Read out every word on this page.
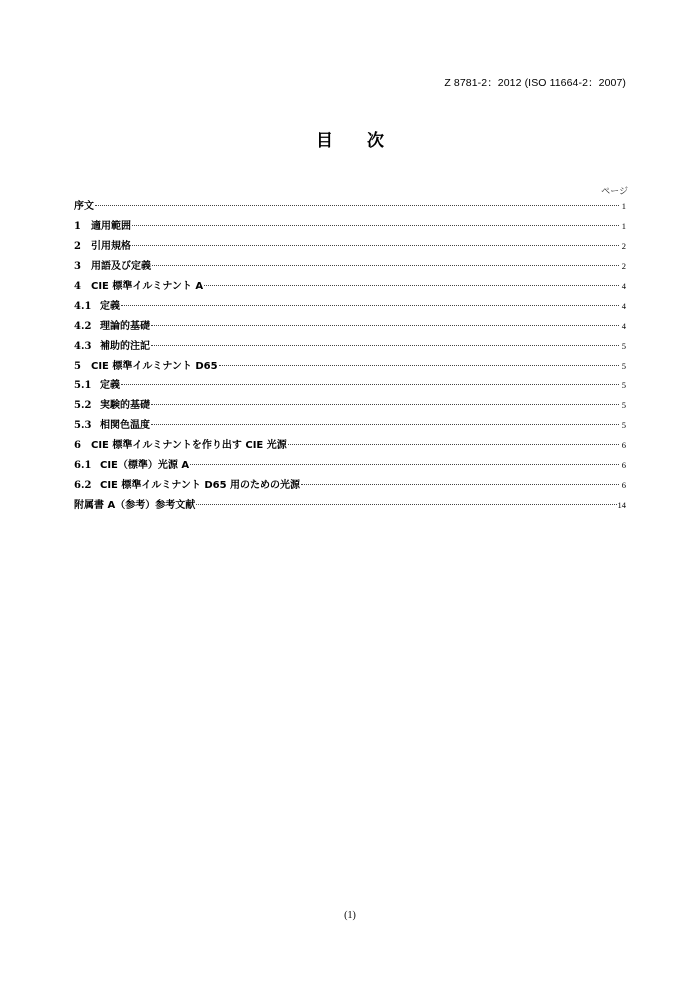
Z 8781-2：2012 (ISO 11664-2：2007)
目 次
ページ
序文	1
1	適用範囲	1
2	引用規格	2
3	用語及び定義	2
4	CIE 標準イルミナント A	4
4.1 定義	4
4.2 理論的基礎	4
4.3 補助的注記	5
5	CIE 標準イルミナント D65	5
5.1 定義	5
5.2 実験的基礎	5
5.3 相関色温度	5
6	CIE 標準イルミナントを作り出す CIE 光源	6
6.1 CIE（標準）光源 A	6
6.2 CIE 標準イルミナント D65 用のための光源	6
附属書 A（参考）参考文献	14
(1)
